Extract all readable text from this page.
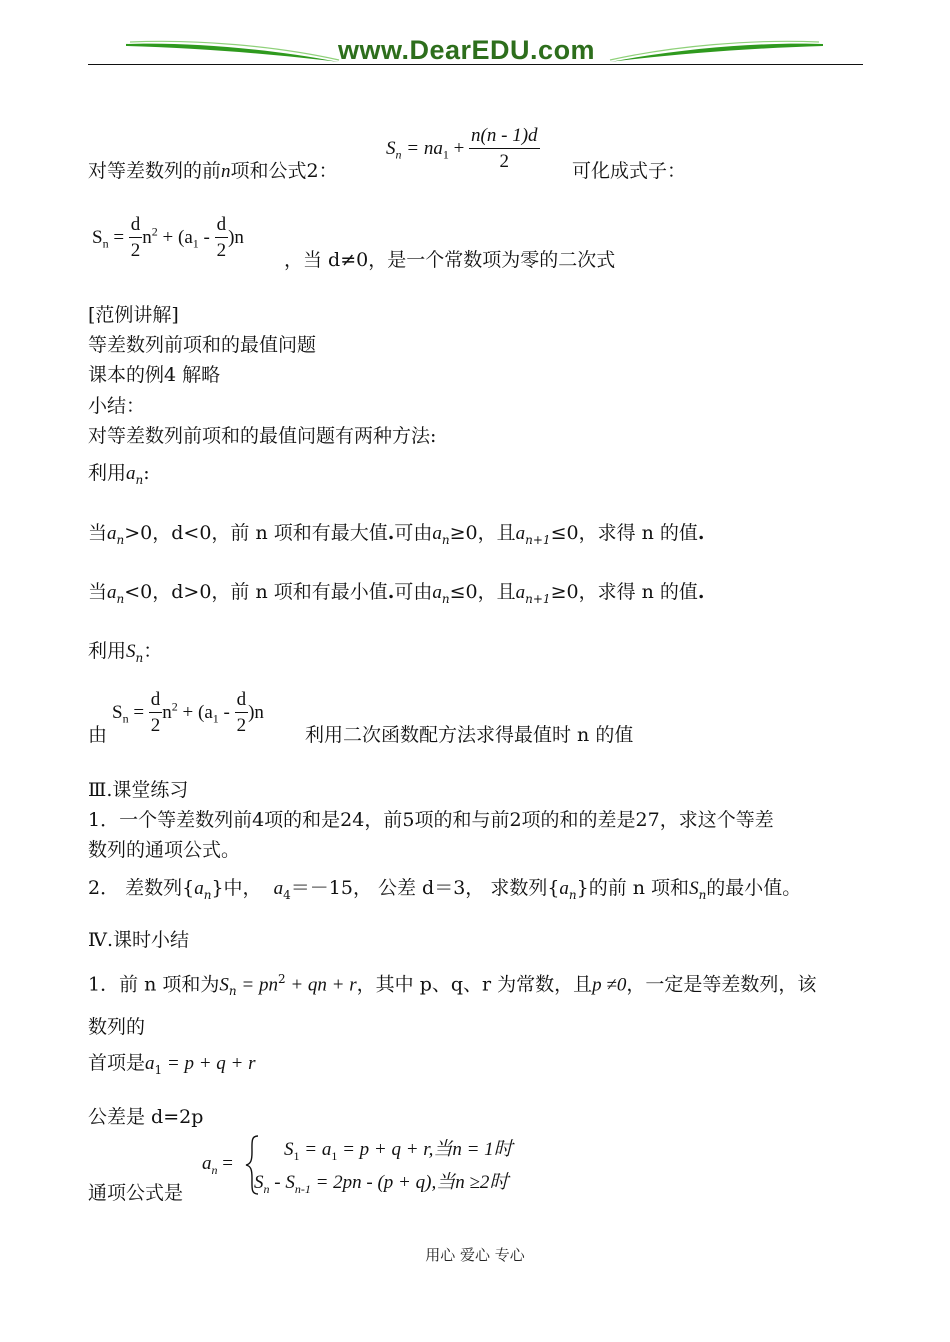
www.DearEDU.com
对等差数列的前n项和公式2：
$S_n = na_1 + \frac{n(n - 1)d}{2}$ 可化成式子：
$S_n = \frac{d}{2} n^2 + (a_1 - \frac{d}{2} )n$
，当 d≠0，是一个常数项为零的二次式
[范例讲解]
等差数列前项和的最值问题
课本的例4 解略
小结：
对等差数列前项和的最值问题有两种方法:
利用$a_n$:
当$a_n>0$，d<0，前 n 项和有最大值.可由$a_n\ge 0$，且$a_{n+1}\le 0$，求得 n 的值.
当$a_n<0$，d>0，前 n 项和有最小值.可由$a_n\le 0$，且$a_{n+1}\ge 0$，求得 n 的值.
利用$S_n$：
由
$S_n = \frac{d}{2} n^2 + (a_1 - \frac{d}{2} )n$
利用二次函数配方法求得最值时 n 的值
Ⅲ.课堂练习
1．一个等差数列前4项的和是24，前5项的和与前2项的和的差是27，求这个等差
数列的通项公式。
2． 差数列$\{a_n\}$中， $a_4=-15$， 公差 d＝3， 求数列$\{a_n\}$的前 n 项和$S_n$的最小值。
Ⅳ.课时小结
1．前 n 项和为$S_n = pn^2$ + qn + r，其中 p、q、r 为常数，且p ≠0，一定是等差数列，该
数列的
首项是$a_1 = p + q + r$
公差是 d=2p
通项公式是
$a_n$ =
$S_1 = a_1 = p + q + r$,当n = 1时
$S_n - S_{n-1} = 2pn - (p + q)$,当n ≥2时
用心 爱心 专心
